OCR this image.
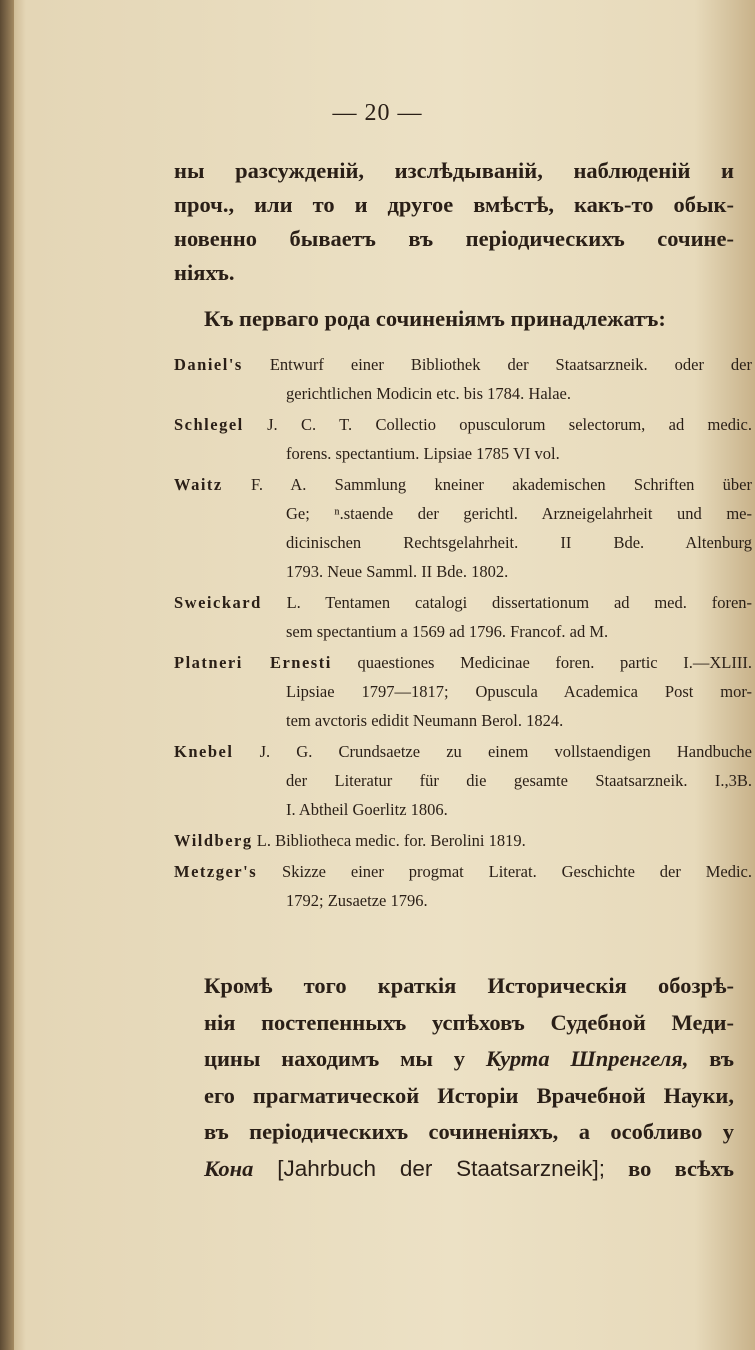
— 20 —
ны разсужденій, изслѣдываній, наблюденій и
проч., или то и другое вмѣстѣ, какъ-то обык-
новенно бываетъ въ періодическихъ сочине-
ніяхъ.
Къ перваго рода сочиненіямъ принадлежатъ:
Daniel's Entwurf einer Bibliothek der Staatsarzneik. oder der
gerichtlichen Modicin etc. bis 1784. Halae.
Schlegel J. C. T. Collectio opusculorum selectorum, ad medic.
forens. spectantium. Lipsiae 1785 VI vol.
Waitz F. A. Sammlung kneiner akademischen Schriften über
Ge; ⁿ.staende der gerichtl. Arzneigelahrheit und me-
dicinischen Rechtsgelahrheit. II Bde. Altenburg
1793. Neue Samml. II Bde. 1802.
Sweickard L. Tentamen catalogi dissertationum ad med. foren-
sem spectantium a 1569 ad 1796. Francof. ad M.
Platneri Ernesti quaestiones Medicinae foren. partic I.—XLIII.
Lipsiae 1797—1817; Opuscula Academica Post mor-
tem avctoris edidit Neumann Berol. 1824.
Knebel J. G. Crundsaetze zu einem vollstaendigen Handbuche
der Literatur für die gesamte Staatsarzneik. I.,3B.
I. Abtheil Goerlitz 1806.
Wildberg L. Bibliotheca medic. for. Berolini 1819.
Metzger's Skizze einer progmat Literat. Geschichte der Medic.
1792; Zusaetze 1796.
Кромѣ того краткія Историческія обозрѣ-
нія постепенныхъ успѣховъ Судебной Меди-
цины находимъ мы у Курта Шпренгеля, въ
его прагматической Исторіи Врачебной Науки,
въ періодическихъ сочиненіяхъ, а особливо у
Кона [Jahrbuch der Staatsarzneik]; во всѣхъ
